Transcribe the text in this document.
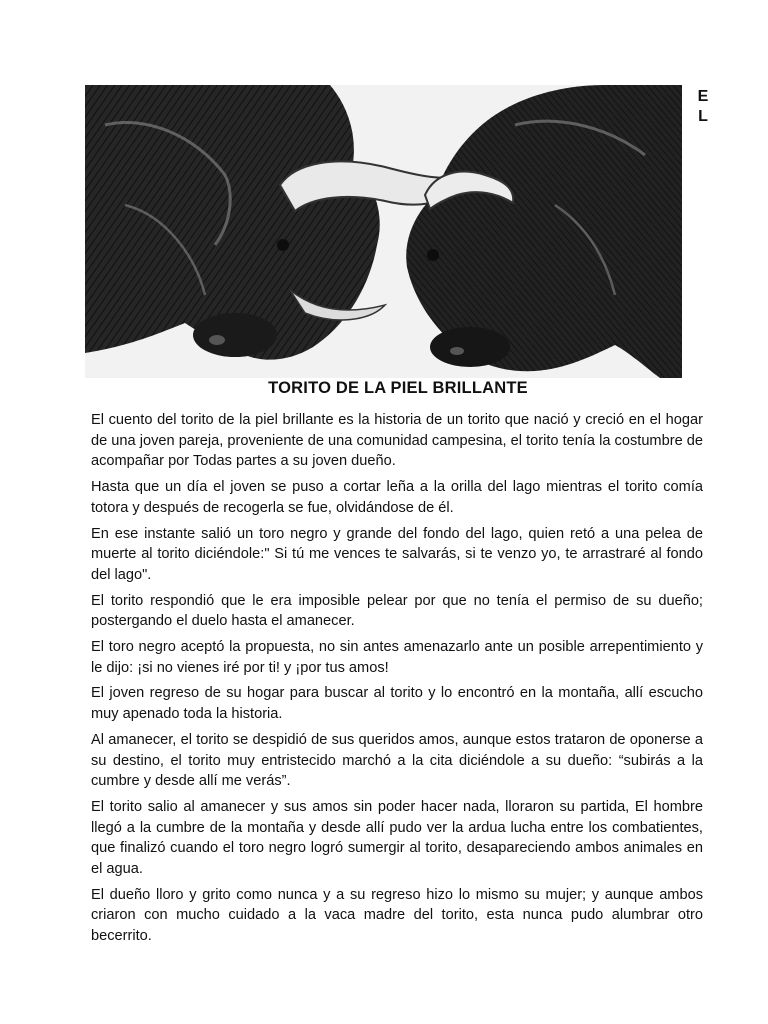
E
L
TORITO DE LA PIEL BRILLANTE

El cuento del torito de la piel brillante es la historia de un torito que nació y creció en el hogar de una joven pareja, proveniente de una comunidad campesina, el torito tenía la costumbre de acompañar por Todas partes a su joven dueño.

Hasta que un día el joven se puso a cortar leña a la orilla del lago mientras el torito comía totora y después de recogerla se fue, olvidándose de él.

En ese instante salió un toro negro y grande del fondo del lago, quien retó a una pelea de muerte al torito diciéndole:" Si tú me vences te salvarás, si te venzo yo, te arrastraré al fondo del lago".

El torito respondió que le era imposible pelear por que no tenía el permiso de su dueño; postergando el duelo hasta el amanecer.

El toro negro aceptó la propuesta, no sin antes amenazarlo ante un posible arrepentimiento y le dijo: ¡si no vienes iré por ti! y ¡por tus amos!

El joven regreso de su hogar para buscar al torito y lo encontró en la montaña, allí escucho muy apenado toda la historia.

Al amanecer, el torito se despidió de sus queridos amos, aunque estos trataron de oponerse a su destino, el torito muy entristecido marchó a la cita diciéndole a su dueño: “subirás a la cumbre y desde allí me verás”.

El torito salio al amanecer y sus amos sin poder hacer nada, lloraron su partida, El hombre llegó a la cumbre de la montaña y desde allí pudo ver la ardua lucha entre los combatientes, que finalizó cuando el toro negro logró sumergir al torito, desapareciendo ambos animales en el agua.

El dueño lloro y grito como nunca y a su regreso hizo lo mismo su mujer; y aunque ambos criaron con mucho cuidado a la vaca madre del torito, esta nunca pudo alumbrar otro becerrito.
